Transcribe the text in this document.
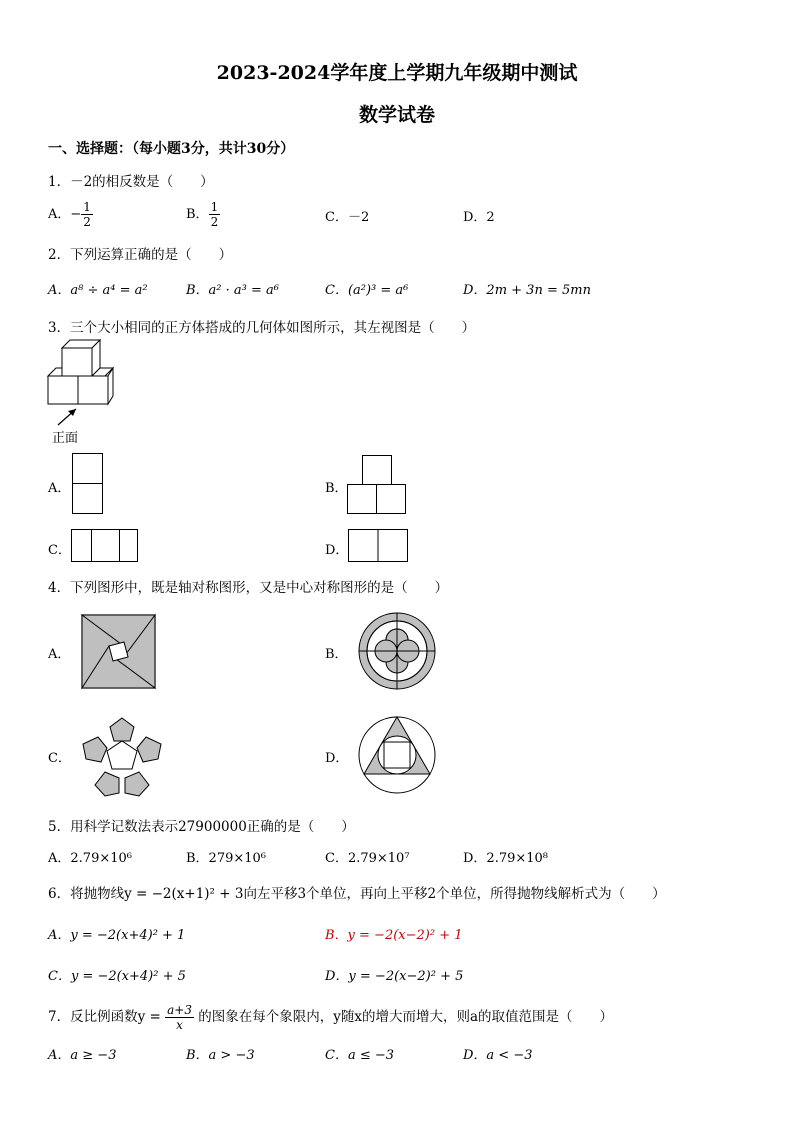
2023-2024学年度上学期九年级期中测试
数学试卷
一、选择题：（每小题3分，共计30分）
1．－2的相反数是（　　）
A．− $\frac{1}{2}$	B． $\frac{1}{2}$	C．－2	D．2
2．下列运算正确的是（　　）
A．a⁸ ÷ a⁴ = a²	B．a² · a³ = a⁶	C．(a²)³ = a⁶	D．2m + 3n = 5mn
3．三个大小相同的正方体搭成的几何体如图所示，其左视图是（　　）
正面
A．	B．
C．	D．
4．下列图形中，既是轴对称图形，又是中心对称图形的是（　　）
A．	B．
C．	D．
5．用科学记数法表示27900000正确的是（　　）
A．2.79×10⁶	B．279×10⁶	C．2.79×10⁷	D．2.79×10⁸
6．将抛物线y = −2(x+1)² + 3向左平移3个单位，再向上平移2个单位，所得抛物线解析式为（　　）
A．y = −2(x+4)² + 1	B．y = −2(x−2)² + 1
C．y = −2(x+4)² + 5	D．y = −2(x−2)² + 5
7．反比例函数$y = \frac{a+3}{x}$ 的图象在每个象限内，y随x的增大而增大，则a的取值范围是（　　）
A．a ≥ −3	B．a > −3	C．a ≤ −3	D．a < −3
